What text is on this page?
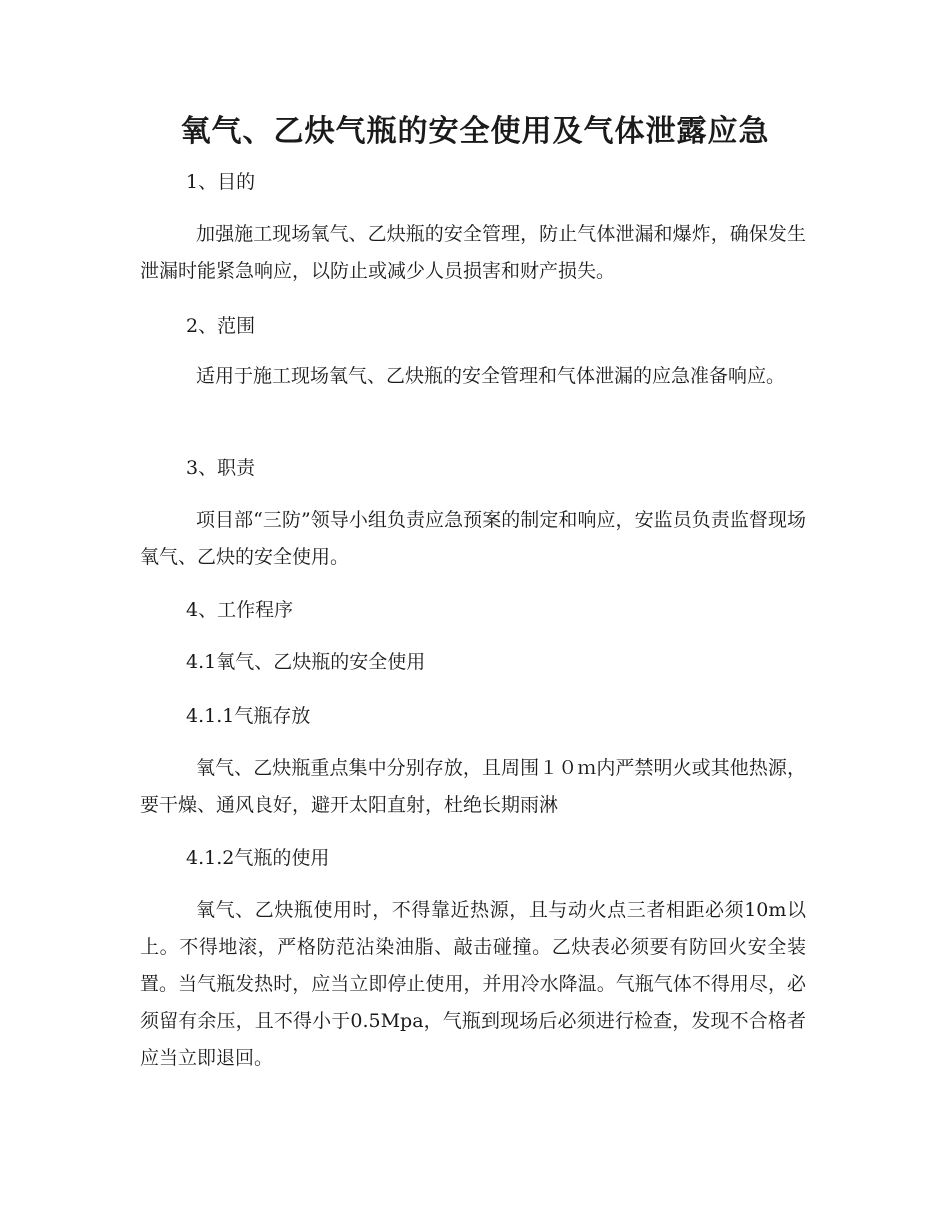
氧气、乙炔气瓶的安全使用及气体泄露应急

1、目的

加强施工现场氧气、乙炔瓶的安全管理，防止气体泄漏和爆炸，确保发生泄漏时能紧急响应，以防止或减少人员损害和财产损失。

2、范围

适用于施工现场氧气、乙炔瓶的安全管理和气体泄漏的应急准备响应。

3、职责

项目部“三防”领导小组负责应急预案的制定和响应，安监员负责监督现场氧气、乙炔的安全使用。

4、工作程序

4.1氧气、乙炔瓶的安全使用

4.1.1气瓶存放

氧气、乙炔瓶重点集中分别存放，且周围１０ｍ内严禁明火或其他热源，要干燥、通风良好，避开太阳直射，杜绝长期雨淋

4.1.2气瓶的使用

氧气、乙炔瓶使用时，不得靠近热源，且与动火点三者相距必须10m以上。不得地滚，严格防范沾染油脂、敲击碰撞。乙炔表必须要有防回火安全装置。当气瓶发热时，应当立即停止使用，并用冷水降温。气瓶气体不得用尽，必须留有余压，且不得小于0.5Mpa，气瓶到现场后必须进行检查，发现不合格者应当立即退回。
